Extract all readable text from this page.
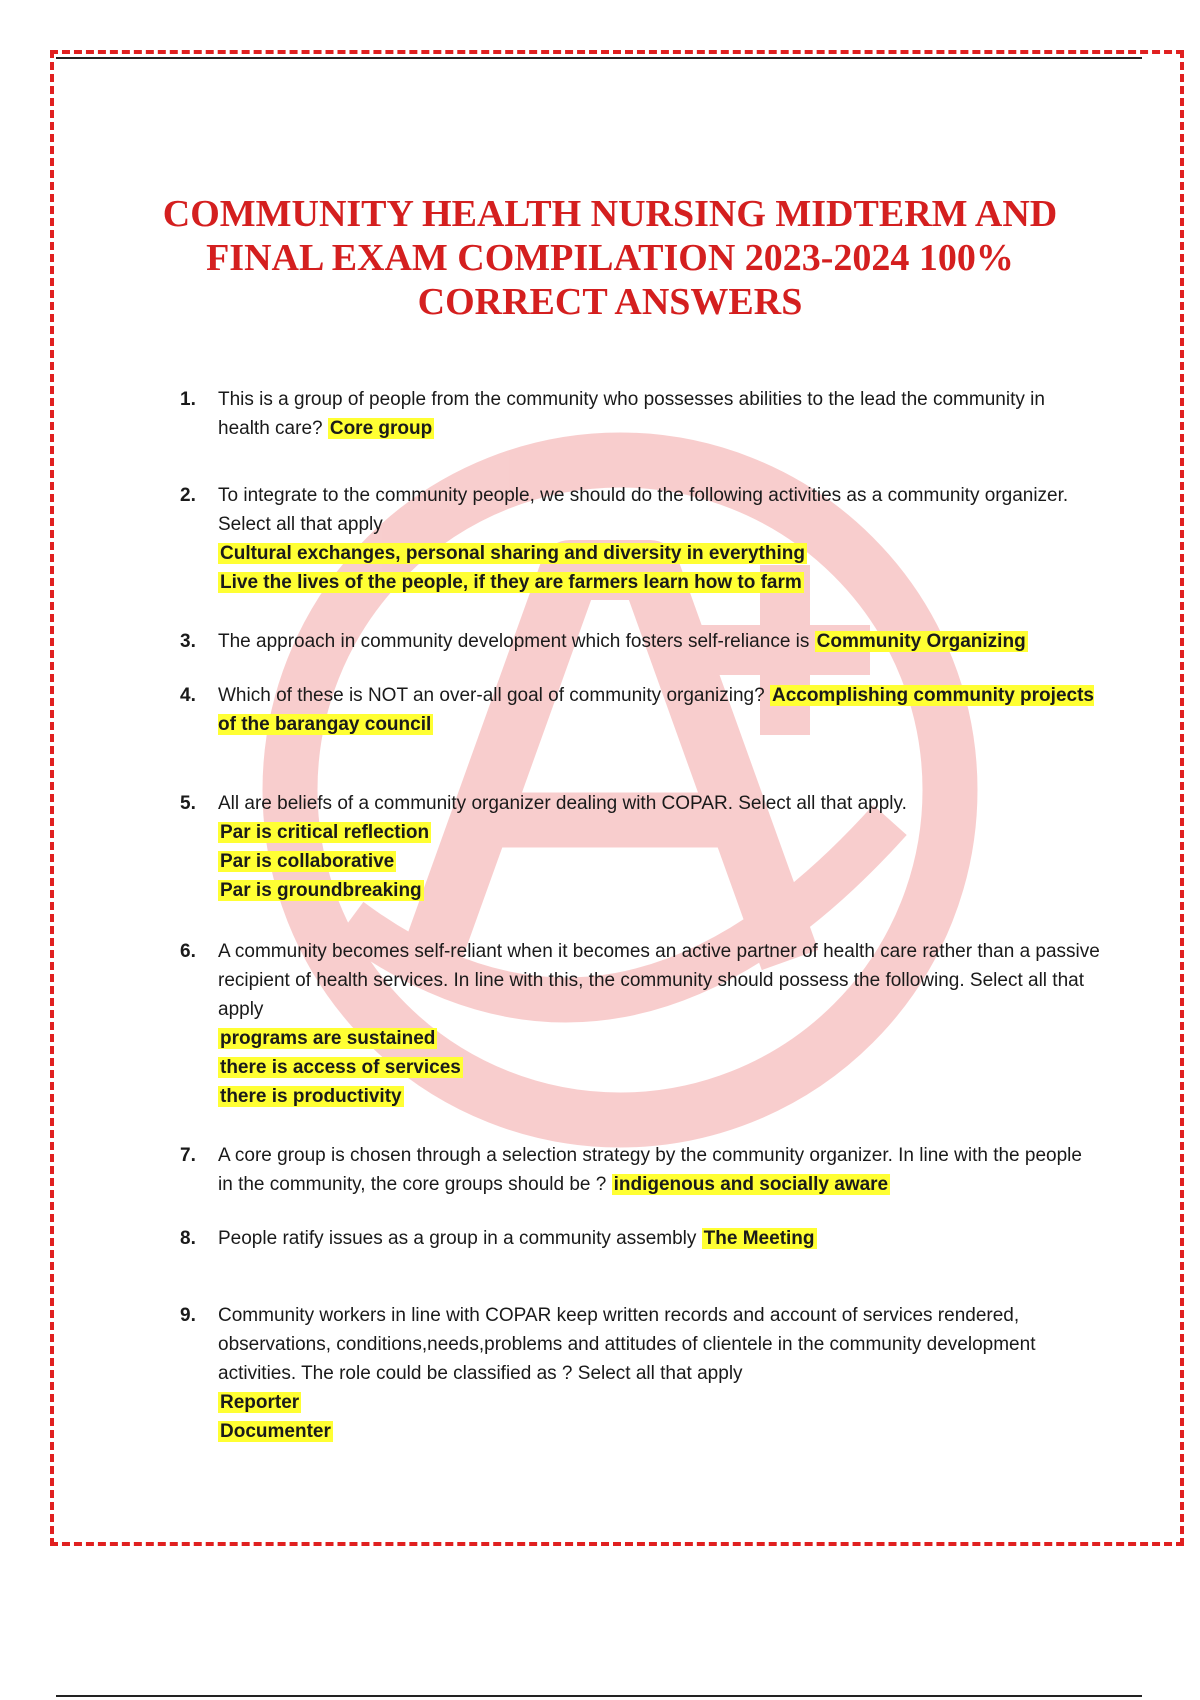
COMMUNITY HEALTH NURSING MIDTERM AND
FINAL EXAM COMPILATION 2023-2024 100%
CORRECT ANSWERS
1. This is a group of people from the community who possesses abilities to the lead the community in health care? Core group
2. To integrate to the community people, we should do the following activities as a community organizer. Select all that apply
Cultural exchanges, personal sharing and diversity in everything
Live the lives of the people, if they are farmers learn how to farm
3. The approach in community development which fosters self-reliance is Community Organizing
4. Which of these is NOT an over-all goal of community organizing? Accomplishing community projects of the barangay council
5. All are beliefs of a community organizer dealing with COPAR. Select all that apply.
Par is critical reflection
Par is collaborative
Par is groundbreaking
6. A community becomes self-reliant when it becomes an active partner of health care rather than a passive recipient of health services. In line with this, the community should possess the following. Select all that apply
programs are sustained
there is access of services
there is productivity
7. A core group is chosen through a selection strategy by the community organizer. In line with the people in the community, the core groups should be ? indigenous and socially aware
8. People ratify issues as a group in a community assembly The Meeting
9. Community workers in line with COPAR keep written records and account of services rendered, observations, conditions,needs,problems and attitudes of clientele in the community development activities. The role could be classified as ? Select all that apply
Reporter
Documenter
